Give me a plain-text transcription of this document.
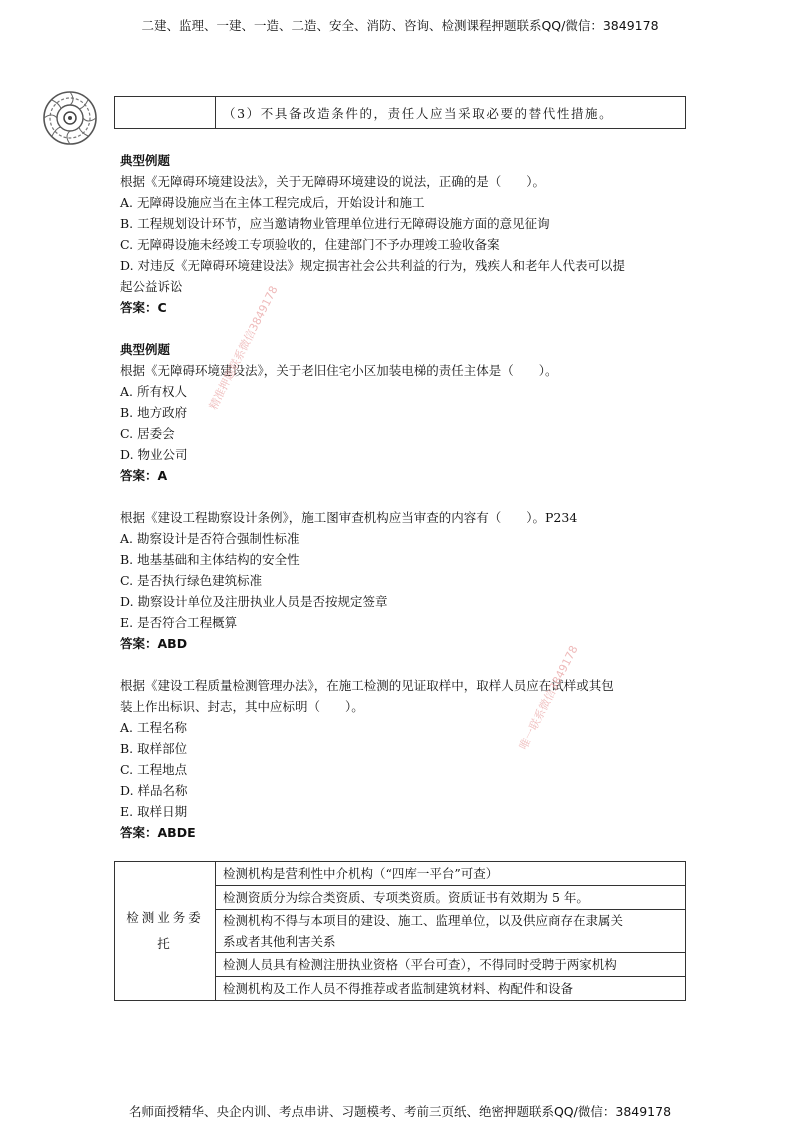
二建、监理、一建、一造、二造、安全、消防、咨询、检测课程押题联系QQ/微信：3849178
	（3）不具备改造条件的，责任人应当采取必要的替代性措施。
典型例题
根据《无障碍环境建设法》，关于无障碍环境建设的说法，正确的是（　　）。
A. 无障碍设施应当在主体工程完成后，开始设计和施工
B. 工程规划设计环节，应当邀请物业管理单位进行无障碍设施方面的意见征询
C. 无障碍设施未经竣工专项验收的，住建部门不予办理竣工验收备案
D. 对违反《无障碍环境建设法》规定损害社会公共利益的行为，残疾人和老年人代表可以提
起公益诉讼
答案：C
典型例题
根据《无障碍环境建设法》，关于老旧住宅小区加装电梯的责任主体是（　　）。
A. 所有权人
B. 地方政府
C. 居委会
D. 物业公司
答案：A
根据《建设工程勘察设计条例》，施工图审查机构应当审查的内容有（　　）。P234
A. 勘察设计是否符合强制性标准
B. 地基基础和主体结构的安全性
C. 是否执行绿色建筑标准
D. 勘察设计单位及注册执业人员是否按规定签章
E. 是否符合工程概算
答案：ABD
根据《建设工程质量检测管理办法》，在施工检测的见证取样中，取样人员应在试样或其包
装上作出标识、封志，其中应标明（　　）。
A. 工程名称
B. 取样部位
C. 工程地点
D. 样品名称
E. 取样日期
答案：ABDE
检测业务委托	检测机构是营利性中介机构（“四库一平台”可查）
检测资质分为综合类资质、专项类资质。资质证书有效期为 5 年。

检测机构不得与本项目的建设、施工、监理单位，以及供应商存在隶属关
系或者其他利害关系

检测人员具有检测注册执业资格（平台可查），不得同时受聘于两家机构
检测机构及工作人员不得推荐或者监制建筑材料、构配件和设备
精准押题联系微信3849178
唯一联系微信3849178
名师面授精华、央企内训、考点串讲、习题模考、考前三页纸、绝密押题联系QQ/微信：3849178
